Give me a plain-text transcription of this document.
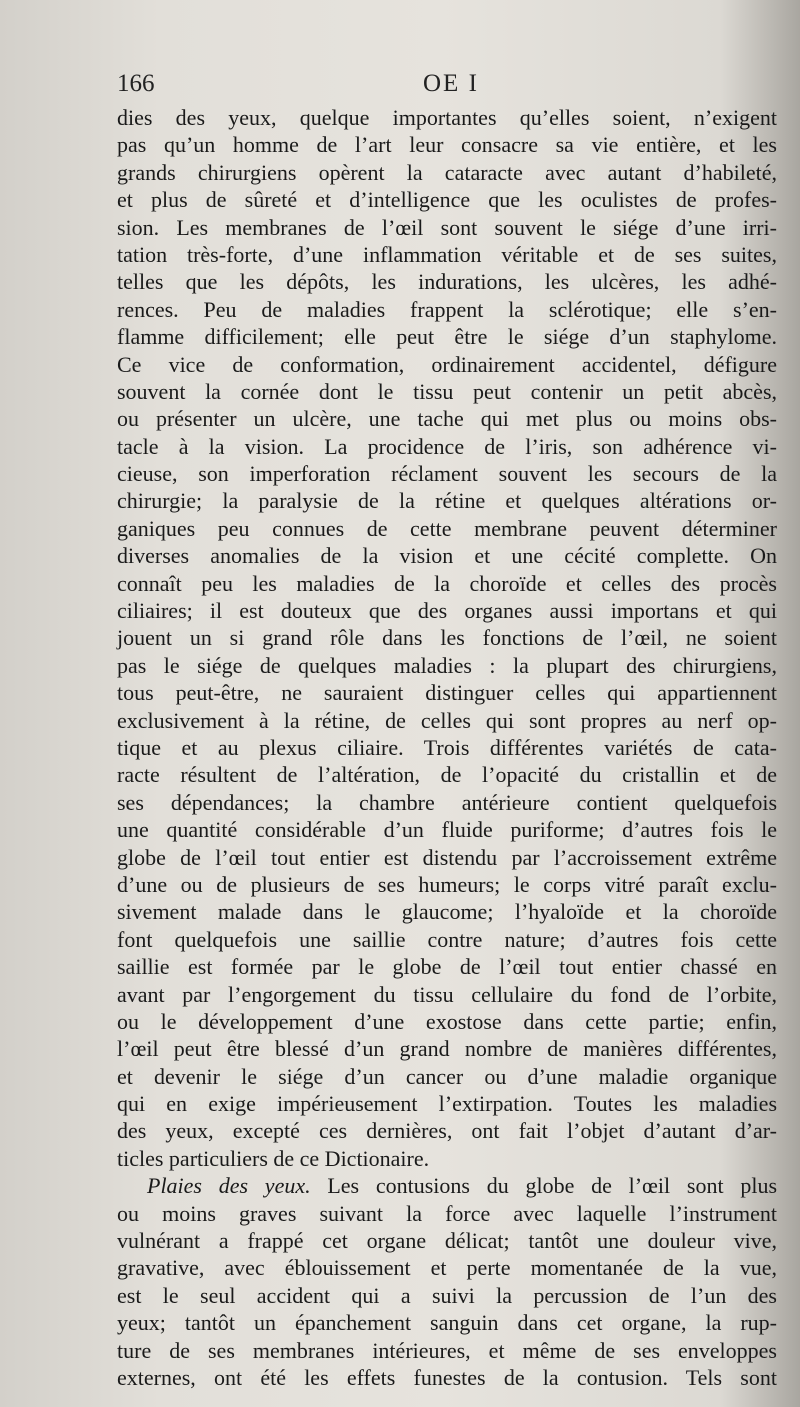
166	OE I
dies des yeux, quelque importantes qu’elles soient, n’exigent
pas qu’un homme de l’art leur consacre sa vie entière, et les
grands chirurgiens opèrent la cataracte avec autant d’habileté,
et plus de sûreté et d’intelligence que les oculistes de profes-
sion. Les membranes de l’œil sont souvent le siége d’une irri-
tation très-forte, d’une inflammation véritable et de ses suites,
telles que les dépôts, les indurations, les ulcères, les adhé-
rences. Peu de maladies frappent la sclérotique; elle s’en-
flamme difficilement; elle peut être le siége d’un staphylome.
Ce vice de conformation, ordinairement accidentel, défigure
souvent la cornée dont le tissu peut contenir un petit abcès,
ou présenter un ulcère, une tache qui met plus ou moins obs-
tacle à la vision. La procidence de l’iris, son adhérence vi-
cieuse, son imperforation réclament souvent les secours de la
chirurgie; la paralysie de la rétine et quelques altérations or-
ganiques peu connues de cette membrane peuvent déterminer
diverses anomalies de la vision et une cécité complette. On
connaît peu les maladies de la choroïde et celles des procès
ciliaires; il est douteux que des organes aussi importans et qui
jouent un si grand rôle dans les fonctions de l’œil, ne soient
pas le siége de quelques maladies : la plupart des chirurgiens,
tous peut-être, ne sauraient distinguer celles qui appartiennent
exclusivement à la rétine, de celles qui sont propres au nerf op-
tique et au plexus ciliaire. Trois différentes variétés de cata-
racte résultent de l’altération, de l’opacité du cristallin et de
ses dépendances; la chambre antérieure contient quelquefois
une quantité considérable d’un fluide puriforme; d’autres fois le
globe de l’œil tout entier est distendu par l’accroissement extrême
d’une ou de plusieurs de ses humeurs; le corps vitré paraît exclu-
sivement malade dans le glaucome; l’hyaloïde et la choroïde
font quelquefois une saillie contre nature; d’autres fois cette
saillie est formée par le globe de l’œil tout entier chassé en
avant par l’engorgement du tissu cellulaire du fond de l’orbite,
ou le développement d’une exostose dans cette partie; enfin,
l’œil peut être blessé d’un grand nombre de manières différentes,
et devenir le siége d’un cancer ou d’une maladie organique
qui en exige impérieusement l’extirpation. Toutes les maladies
des yeux, excepté ces dernières, ont fait l’objet d’autant d’ar-
ticles particuliers de ce Dictionaire.
Plaies des yeux. Les contusions du globe de l’œil sont plus
ou moins graves suivant la force avec laquelle l’instrument
vulnérant a frappé cet organe délicat; tantôt une douleur vive,
gravative, avec éblouissement et perte momentanée de la vue,
est le seul accident qui a suivi la percussion de l’un des
yeux; tantôt un épanchement sanguin dans cet organe, la rup-
ture de ses membranes intérieures, et même de ses enveloppes
externes, ont été les effets funestes de la contusion. Tels sont
